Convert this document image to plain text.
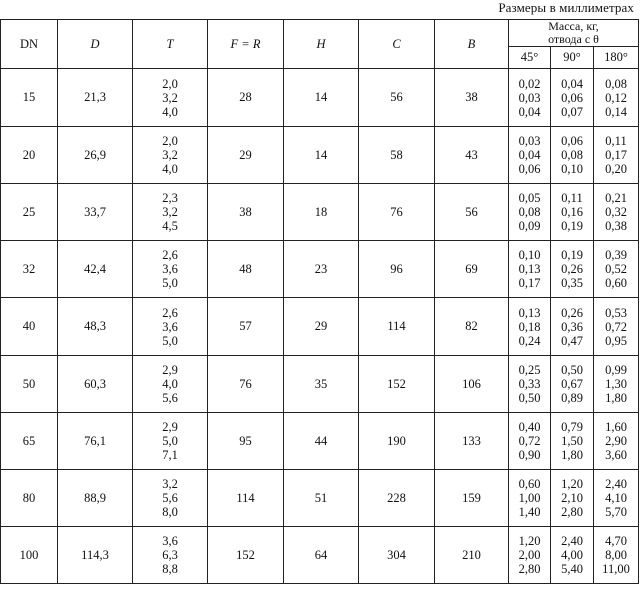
Размеры в миллиметрах
DN	D	T	F = R	H	C	B	Масса, кг,
отвода с θ		

							45°	90°	180°
15	21,3	2,0
3,2
4,0	28	14	56	38	0,02
0,03
0,04	0,04
0,06
0,07	0,08
0,12
0,14

20	26,9	2,0
3,2
4,0	29	14	58	43	0,03
0,04
0,06	0,06
0,08
0,10	0,11
0,17
0,20

25	33,7	2,3
3,2
4,5	38	18	76	56	0,05
0,08
0,09	0,11
0,16
0,19	0,21
0,32
0,38

32	42,4	2,6
3,6
5,0	48	23	96	69	0,10
0,13
0,17	0,19
0,26
0,35	0,39
0,52
0,60

40	48,3	2,6
3,6
5,0	57	29	114	82	0,13
0,18
0,24	0,26
0,36
0,47	0,53
0,72
0,95

50	60,3	2,9
4,0
5,6	76	35	152	106	0,25
0,33
0,50	0,50
0,67
0,89	0,99
1,30
1,80

65	76,1	2,9
5,0
7,1	95	44	190	133	0,40
0,72
0,90	0,79
1,50
1,80	1,60
2,90
3,60

80	88,9	3,2
5,6
8,0	114	51	228	159	0,60
1,00
1,40	1,20
2,10
2,80	2,40
4,10
5,70

100	114,3	3,6
6,3
8,8	152	64	304	210	1,20
2,00
2,80	2,40
4,00
5,40	4,70
8,00
11,00
